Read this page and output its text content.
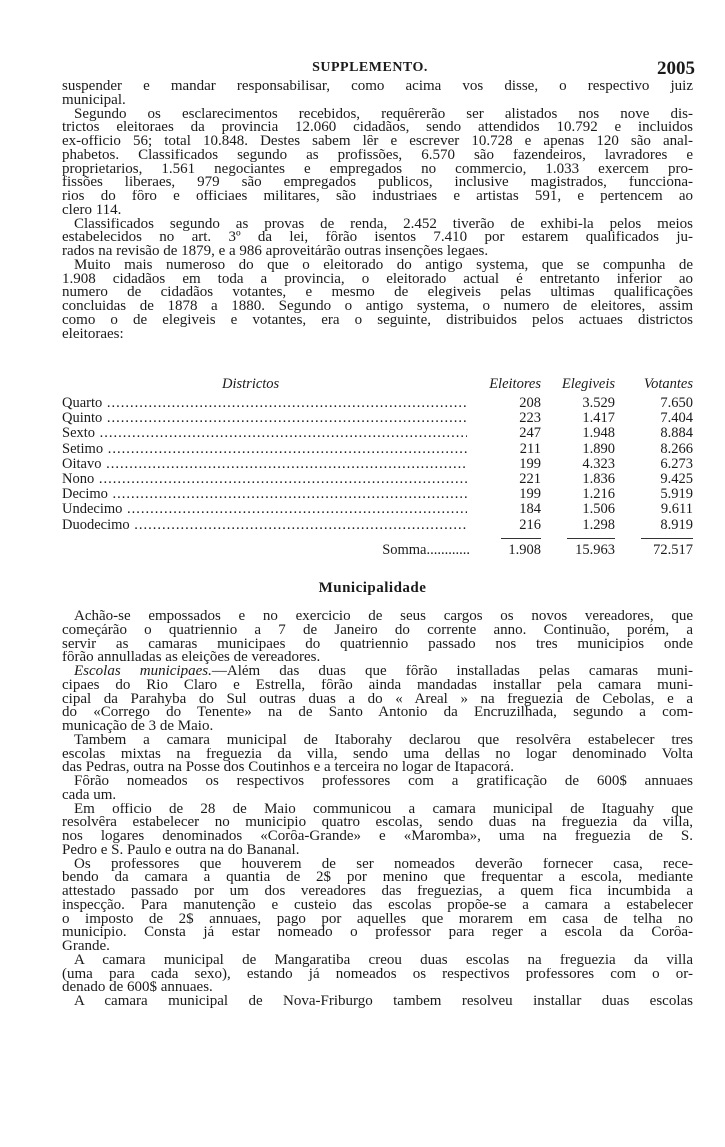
SUPPLEMENTO.	2005
suspender e mandar responsabilisar, como acima vos disse, o respectivo juiz
municipal.
Segundo os esclarecimentos recebidos, requêrerão ser alistados nos nove dis-
trictos eleitoraes da provincia 12.060 cidadãos, sendo attendidos 10.792 e incluidos
ex-officio 56; total 10.848. Destes sabem lêr e escrever 10.728 e apenas 120 são anal-
phabetos. Classificados segundo as profissões, 6.570 são fazendeiros, lavradores e
proprietarios, 1.561 negociantes e empregados no commercio, 1.033 exercem pro-
fissões liberaes, 979 são empregados publicos, inclusive magistrados, funccionа-
rios do fôro e officiaes militares, são industriaes e artistas 591, e pertencem ao
clero 114.
Classificados segundo as provas de renda, 2.452 tiverão de exhibi-la pelos meios
estabelecidos no art. 3º da lei, fôrão isentos 7.410 por estarem qualificados ju-
rados na revisão de 1879, e a 986 aproveitárão outras insenções legaes.
Muito mais numeroso do que o eleitorado do antigo systema, que se compunha de
1.908 cidadãos em toda a provincia, o eleitorado actual é entretanto inferior ao
numero de cidadãos votantes, e mesmo de elegiveis pelas ultimas qualificações
concluidas de 1878 a 1880. Segundo o antigo systema, o numero de eleitores, assim
como o de elegiveis e votantes, era o seguinte, distribuidos pelos actuaes districtos
eleitoraes:
Districtos	Eleitores Elegiveis Votantes
Quarto .....	208	3.529	7.650
Quinto .....	223	1.417	7.404
Sexto .....	247	1.948	8.884
Setimo .....	211	1.890	8.266
Oitavo .....	199	4.323	6.273
Nono .....	221	1.836	9.425
Decimo .....	199	1.216	5.919
Undecimo .....	184	1.506	9.611
Duodecimo .....	216	1.298	8.919
Somma............	1.908 15.963	72.517
Municipalidade
Achão-se empossados e no exercicio de seus cargos os novos vereadores, que
começárão o quatriennio a 7 de Janeiro do corrente anno. Continuão, porém, a
servir as camaras municipaes do quatriennio passado nos tres municipios onde
fôrão annulladas as eleições de vereadores.
Escolas municipaes.—Além das duas que fôrão installadas pelas camaras muni-
cipaes do Rio Claro e Estrella, fôrão ainda mandadas installar pela camara muni-
cipal da Parahyba do Sul outras duas a do « Areal » na freguezia de Cebolas, e a
do «Corrego do Tenente» na de Santo Antonio da Encruzilhada, segundo a com-
municação de 3 de Maio.
Tambem a camara municipal de Itaborahy declarou que resolvêra estabelecer tres
escolas mixtas na freguezia da villa, sendo uma dellas no logar denominado Volta
das Pedras, outra na Posse dos Coutinhos e a terceira no logar de Itapacorá.
Fôrão nomeados os respectivos professores com a gratificação de 600$ annuaes
cada um.
Em officio de 28 de Maio communicou a camara municipal de Itaguahy que
resolvêra estabelecer no municipio quatro escolas, sendo duas na freguezia da villa,
nos logares denominados «Corôa-Grande» e «Maromba», uma na freguezia de S.
Pedro e S. Paulo e outra na do Bananal.
Os professores que houverem de ser nomeados deverão fornecer casa, rece-
bendo da camara a quantia de 2$ por menino que frequentar a escola, mediante
attestado passado por um dos vereadores das freguezias, a quem fica incumbida a
inspecção. Para manutenção e custeio das escolas propõe-se a camara a estabelecer
o imposto de 2$ annuaes, pago por aquelles que morarem em casa de telha no
municipio. Consta já estar nomeado o professor para reger a escola da Corôa-
Grande.
A camara municipal de Mangaratiba creou duas escolas na freguezia da villa
(uma para cada sexo), estando já nomeados os respectivos professores com o or-
denado de 600$ annuaes.
A camara municipal de Nova-Friburgo tambem resolveu installar duas escolas
